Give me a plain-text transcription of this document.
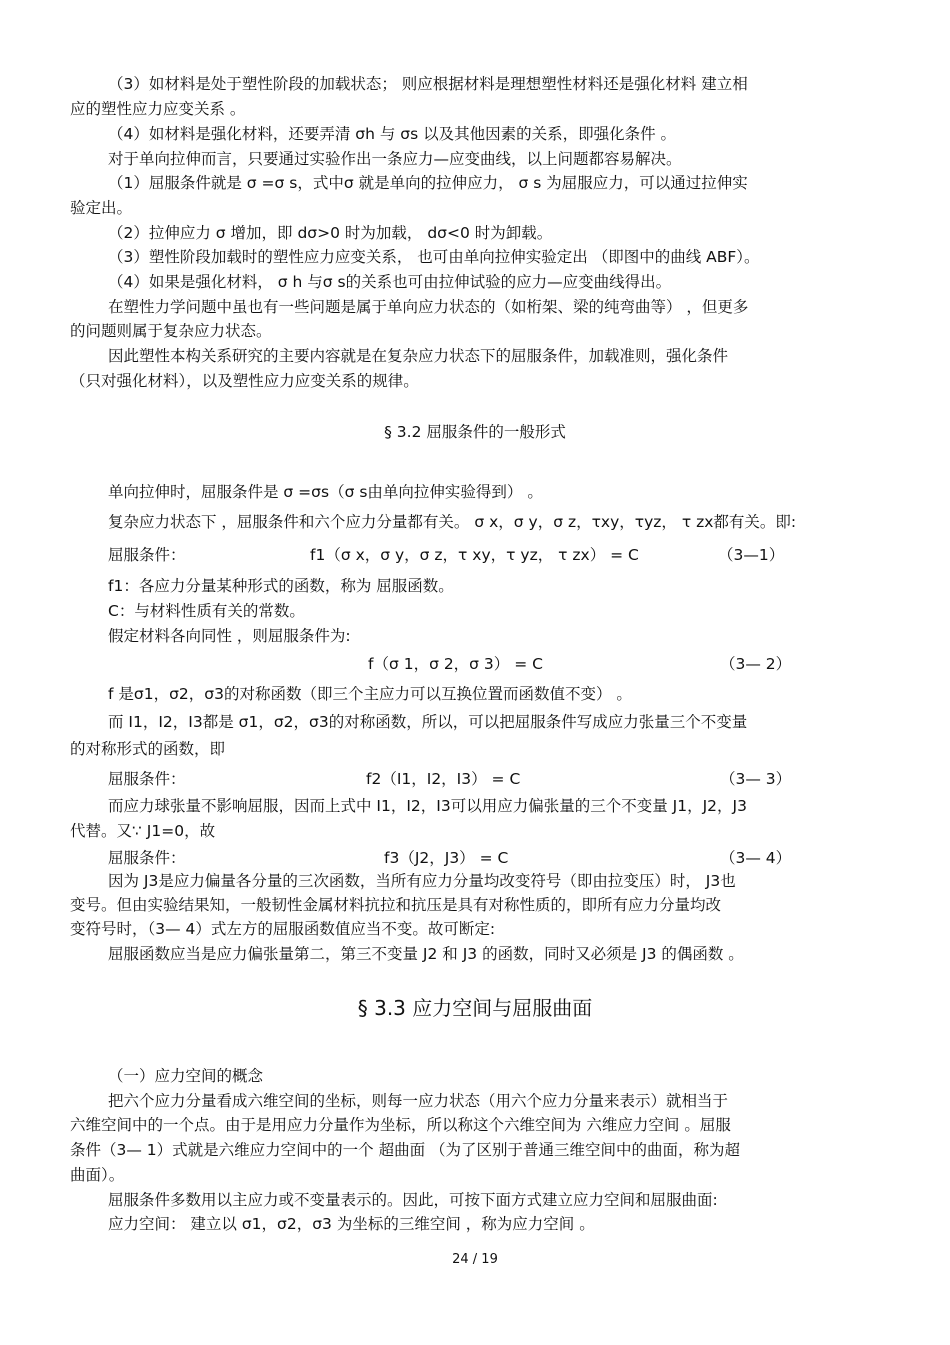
（3）如材料是处于塑性阶段的加载状态； 则应根据材料是理想塑性材料还是强化材料 建立相
应的塑性应力应变关系 。
（4）如材料是强化材料，还要弄清 σh 与 σs 以及其他因素的关系，即强化条件 。
对于单向拉伸而言，只要通过实验作出一条应力—应变曲线，以上问题都容易解决。
（1）屈服条件就是 σ =σ s，式中σ 就是单向的拉伸应力， σ s 为屈服应力，可以通过拉伸实
验定出。
（2）拉伸应力 σ 增加，即 dσ>0 时为加载， dσ<0 时为卸载。
（3）塑性阶段加载时的塑性应力应变关系， 也可由单向拉伸实验定出 （即图中的曲线 ABF）。
（4）如果是强化材料， σ h 与σ s的关系也可由拉伸试验的应力—应变曲线得出。
在塑性力学问题中虽也有一些问题是属于单向应力状态的（如桁架、梁的纯弯曲等） ，但更多
的问题则属于复杂应力状态。
因此塑性本构关系研究的主要内容就是在复杂应力状态下的屈服条件，加载准则，强化条件
（只对强化材料），以及塑性应力应变关系的规律。
§ 3.2 屈服条件的一般形式
单向拉伸时，屈服条件是 σ =σs（σ s由单向拉伸实验得到） 。
复杂应力状态下 ，屈服条件和六个应力分量都有关。 σ x，σ y，σ z，τxy，τyz， τ zx都有关。即:
屈服条件：	f1（σ x，σ y，σ z，τ xy，τ yz， τ zx） = C	（3—1）
f1：各应力分量某种形式的函数，称为 屈服函数。
C：与材料性质有关的常数。
假定材料各向同性 ，则屈服条件为:
f（σ 1，σ 2，σ 3） = C	（3— 2）
f 是σ1，σ2，σ3的对称函数（即三个主应力可以互换位置而函数值不变） 。
而 I1，I2，I3都是 σ1，σ2，σ3的对称函数，所以，可以把屈服条件写成应力张量三个不变量
的对称形式的函数，即
屈服条件：	f2（I1，I2，I3） = C	（3— 3）
而应力球张量不影响屈服，因而上式中 I1，I2，I3可以用应力偏张量的三个不变量 J1，J2，J3
代替。又∵ J1=0，故
屈服条件：	f3（J2，J3） = C	（3— 4）
因为 J3是应力偏量各分量的三次函数，当所有应力分量均改变符号（即由拉变压）时， J3也
变号。但由实验结果知，一般韧性金属材料抗拉和抗压是具有对称性质的，即所有应力分量均改
变符号时，（3— 4）式左方的屈服函数值应当不变。故可断定:
屈服函数应当是应力偏张量第二，第三不变量 J2 和 J3 的函数，同时又必须是 J3 的偶函数 。
§ 3.3 应力空间与屈服曲面
（一）应力空间的概念
把六个应力分量看成六维空间的坐标，则每一应力状态（用六个应力分量来表示）就相当于
六维空间中的一个点。由于是用应力分量作为坐标，所以称这个六维空间为 六维应力空间 。屈服
条件（3— 1）式就是六维应力空间中的一个 超曲面 （为了区别于普通三维空间中的曲面，称为超
曲面）。
屈服条件多数用以主应力或不变量表示的。因此，可按下面方式建立应力空间和屈服曲面:
应力空间： 建立以 σ1，σ2，σ3 为坐标的三维空间 ，称为应力空间 。
24 / 19
